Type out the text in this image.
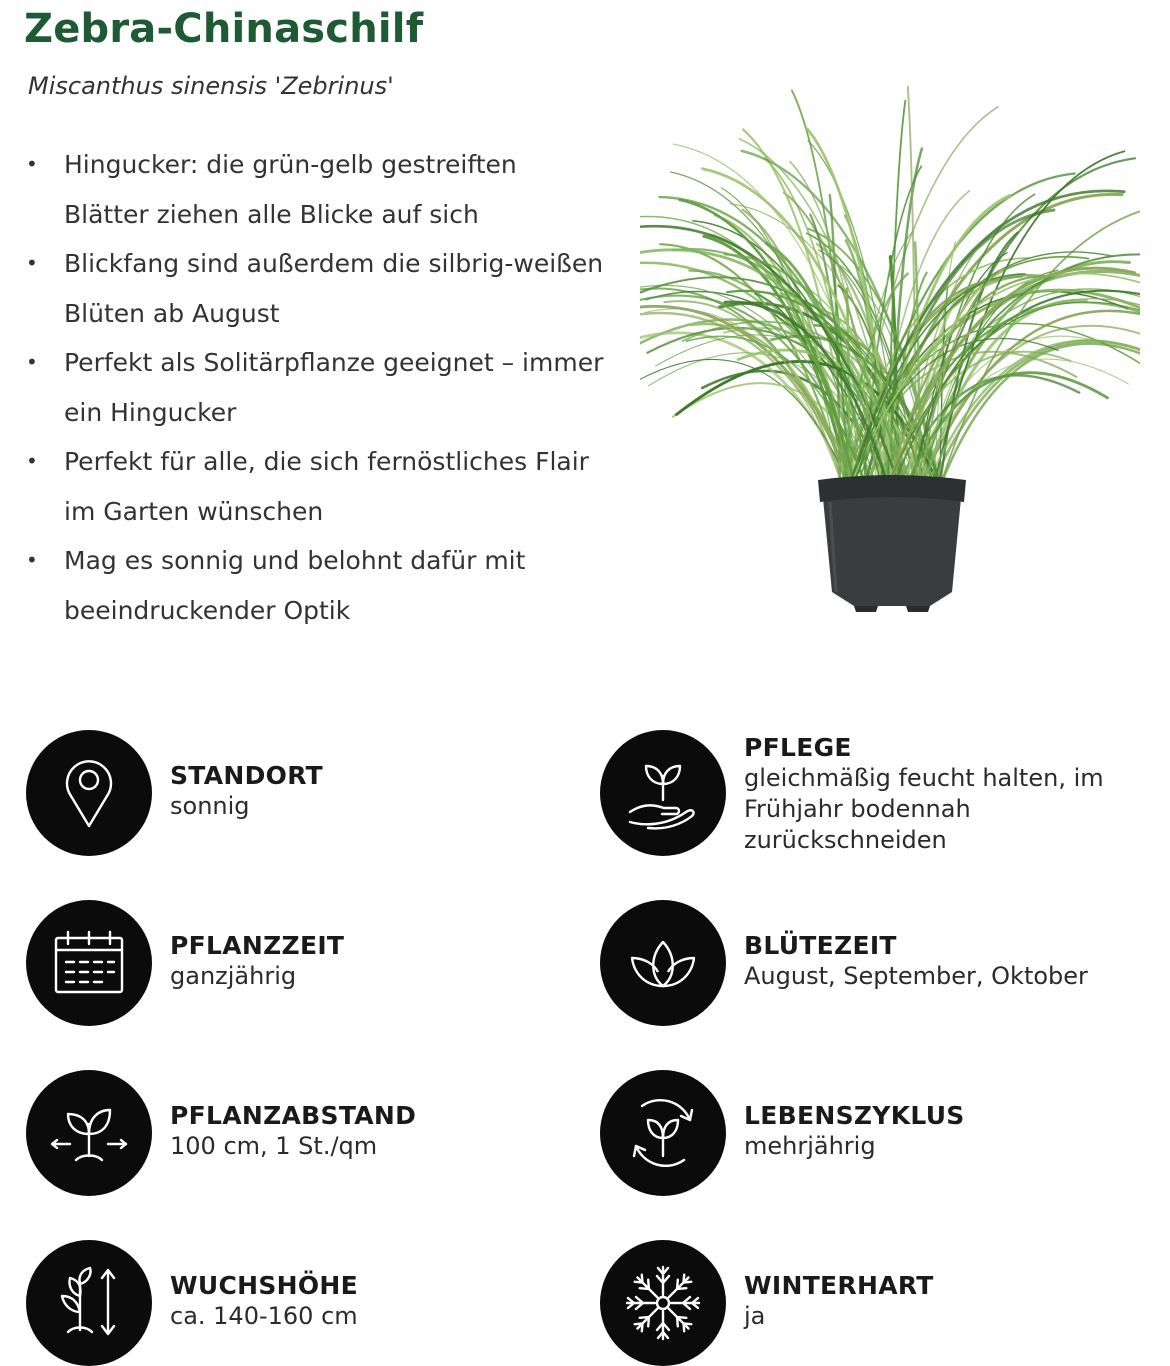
Zebra-Chinaschilf
Miscanthus sinensis 'Zebrinus'
• Hingucker: die grün-gelb gestreiften Blätter ziehen alle Blicke auf sich
• Blickfang sind außerdem die silbrig-weißen Blüten ab August
• Perfekt als Solitärpflanze geeignet – immer ein Hingucker
• Perfekt für alle, die sich fernöstliches Flair im Garten wünschen
• Mag es sonnig und belohnt dafür mit beeindruckender Optik
STANDORT
sonnig
PFLEGE
gleichmäßig feucht halten, im Frühjahr bodennah zurückschneiden
PFLANZZEIT
ganzjährig
BLÜTEZEIT
August, September, Oktober
PFLANZABSTAND
100 cm, 1 St./qm
LEBENSZYKLUS
mehrjährig
WUCHSHÖHE
ca. 140-160 cm
WINTERHART
ja
